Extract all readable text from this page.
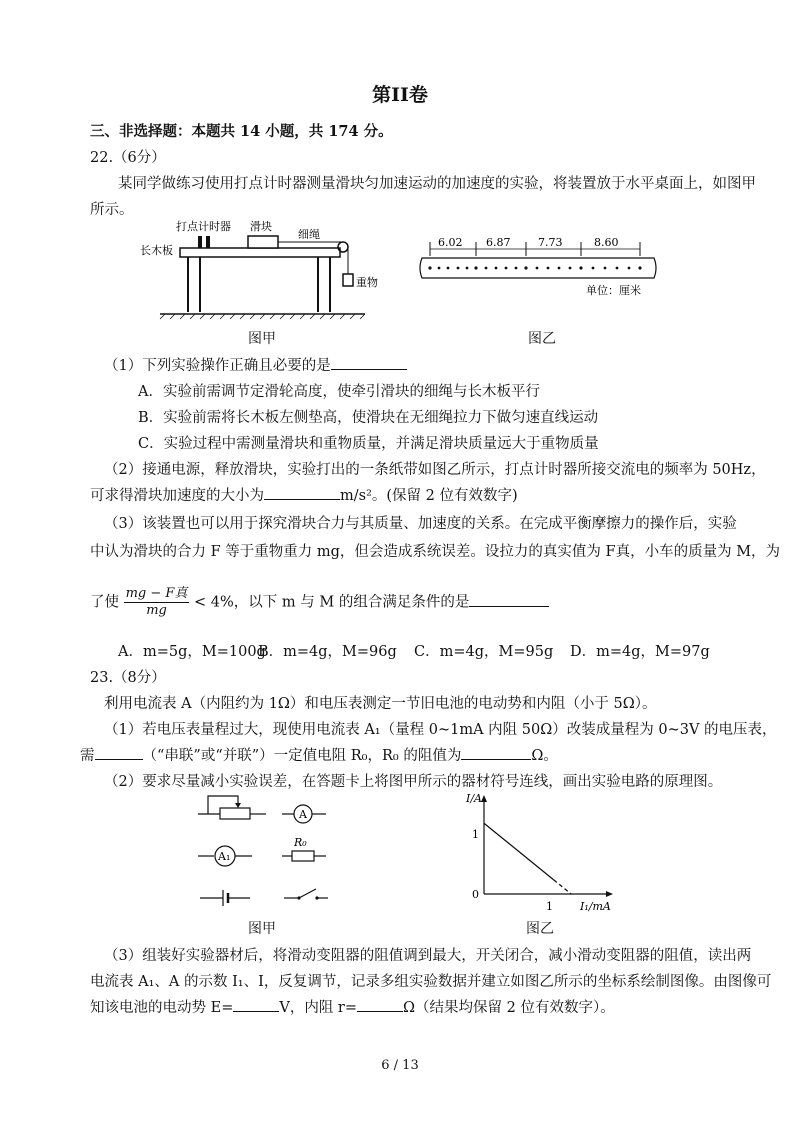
第II卷
三、非选择题：本题共 14 小题，共 174 分。
22.（6分）
某同学做练习使用打点计时器测量滑块匀加速运动的加速度的实验，将装置放于水平桌面上，如图甲
所示。
打点计时器 滑块
细绳
长木板
重物
图甲
6.02 6.87	7.73	8.60
单位：厘米
图乙
（1）下列实验操作正确且必要的是
A．实验前需调节定滑轮高度，使牵引滑块的细绳与长木板平行
B．实验前需将长木板左侧垫高，使滑块在无细绳拉力下做匀速直线运动
C．实验过程中需测量滑块和重物质量，并满足滑块质量远大于重物质量
（2）接通电源，释放滑块，实验打出的一条纸带如图乙所示，打点计时器所接交流电的频率为 50Hz，
可求得滑块加速度的大小为	m/s²。(保留 2 位有效数字)
（3）该装置也可以用于探究滑块合力与其质量、加速度的关系。在完成平衡摩擦力的操作后，实验
中认为滑块的合力 F 等于重物重力 mg，但会造成系统误差。设拉力的真实值为 F真，小车的质量为 M，为
了使 $\frac{\text{mg − F真}}{mg} < 4\%$，以下 m 与 M 的组合满足条件的是
A．m=5g，M=100g
B．m=4g，M=96g C．m=4g，M=95g D．m=4g，M=97g
23.（8分）
利用电流表 A（内阻约为 1Ω）和电压表测定一节旧电池的电动势和内阻（小于 5Ω）。
（1）若电压表量程过大，现使用电流表 A₁（量程 0~1mA 内阻 50Ω）改装成量程为 0~3V 的电压表，
需	（“串联”或“并联”）一定值电阻 R₀，R₀ 的阻值为	Ω。
（2）要求尽量减小实验误差，在答题卡上将图甲所示的器材符号连线，画出实验电路的原理图。
A
A₁
R₀
图甲
I/A
I₁/mA
0
1
1
图乙
（3）组装好实验器材后，将滑动变阻器的阻值调到最大，开关闭合，减小滑动变阻器的阻值，读出两
电流表 A₁、A 的示数 I₁、I，反复调节，记录多组实验数据并建立如图乙所示的坐标系绘制图像。由图像可
知该电池的电动势 E=	V，内阻 r=	Ω（结果均保留 2 位有效数字）。
6 / 13
